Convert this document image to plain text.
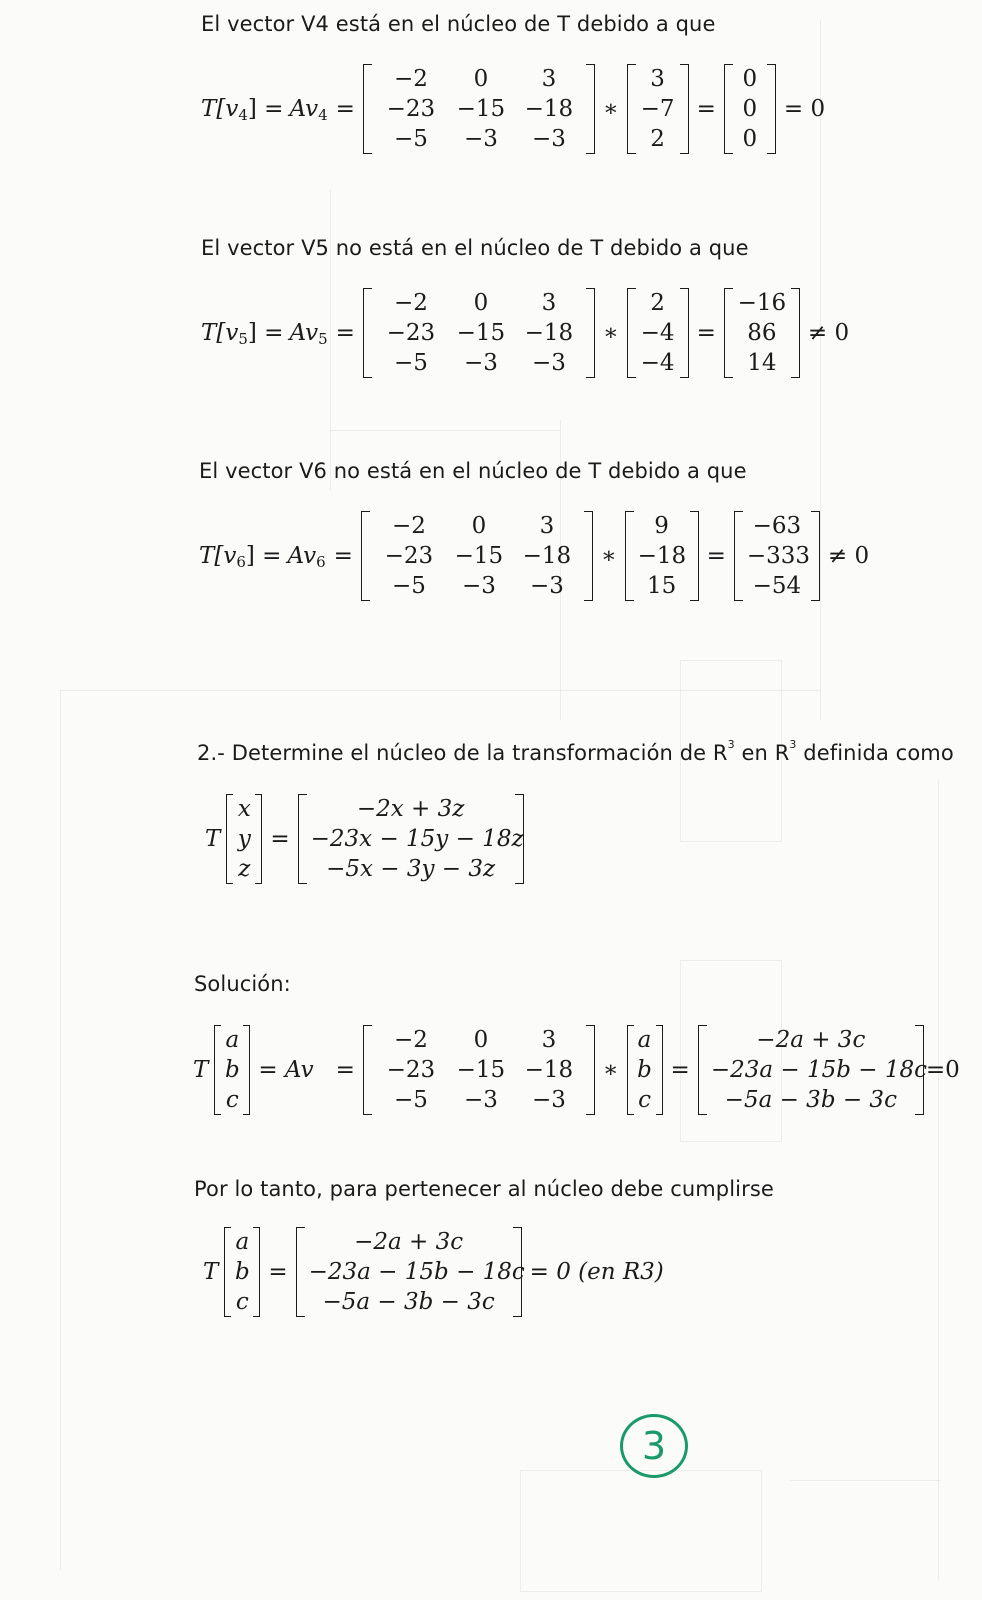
El vector V4 está en el núcleo de T debido a que
T[ v 4 ] = Av 4 =
−2	0	3
−23 −15 −18
−5	−3	−3
∗
3
−7
2
=
0
0
0
= 0
El vector V5 no está en el núcleo de T debido a que
T[ v 5 ] = Av 5 =
−2	0	3
−23 −15 −18
−5	−3	−3
∗
2
−4
−4
=
−16
86
14
≠ 0
El vector V6 no está en el núcleo de T debido a que
T[ v 6 ] = Av 6 =
−2	0	3
−23 −15 −18
−5	−3	−3
∗
9
−18
15
=
−63
−333
−54
≠ 0
2.- Determine el núcleo de la transformación de $R^3$ en $R^3$ definida como
T
x
y
z
=
−2x + 3z
−23x − 15y − 18z
−5x − 3y − 3z
Solución:
T
a
b
c
= Av =
−2	0	3
−23 −15 −18
−5	−3	−3
∗
a
b
c
=
−2a + 3c
−23a − 15b − 18c
−5a − 3b − 3c
=0
Por lo tanto, para pertenecer al núcleo debe cumplirse
T
a
b
c
=
−2a + 3c
−23a − 15b − 18c
−5a − 3b − 3c
= 0 (en R3)
3
